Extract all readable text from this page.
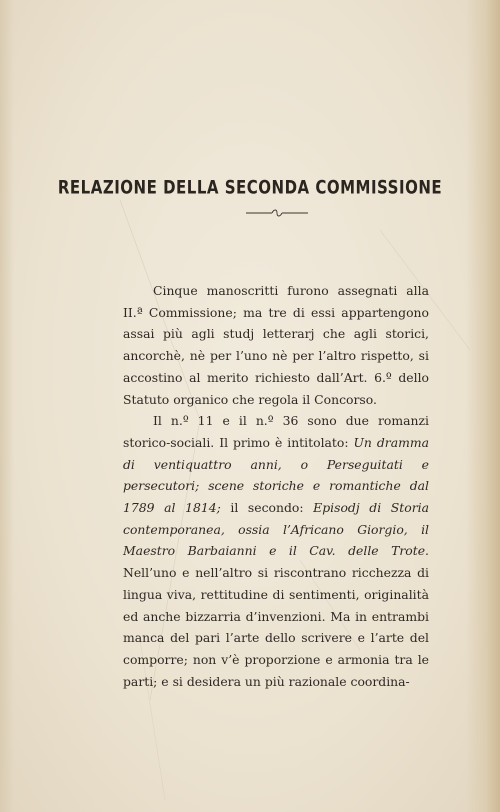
RELAZIONE DELLA SECONDA COMMISSIONE

Cinque manoscritti furono assegnati alla II.ª Commissione; ma tre di essi appartengono assai più agli studj letterarj che agli storici, ancorchè, nè per l’uno nè per l’altro rispetto, si accostino al merito richiesto dall’Art. 6.º dello Statuto organico che regola il Concorso.

Il n.º 11 e il n.º 36 sono due romanzi storico-sociali. Il primo è intitolato: Un dramma di ventiquattro anni, o Perseguitati e persecutori; scene storiche e romantiche dal 1789 al 1814; il secondo: Episodj di Storia contemporanea, ossia l’Africano Giorgio, il Maestro Barbaianni e il Cav. delle Trote. Nell’uno e nell’altro si riscontrano ricchezza di lingua viva, rettitudine di sentimenti, originalità ed anche bizzarria d’invenzioni. Ma in entrambi manca del pari l’arte dello scrivere e l’arte del comporre; non v’è proporzione e armonia tra le parti; e si desidera un più razionale coordina-
